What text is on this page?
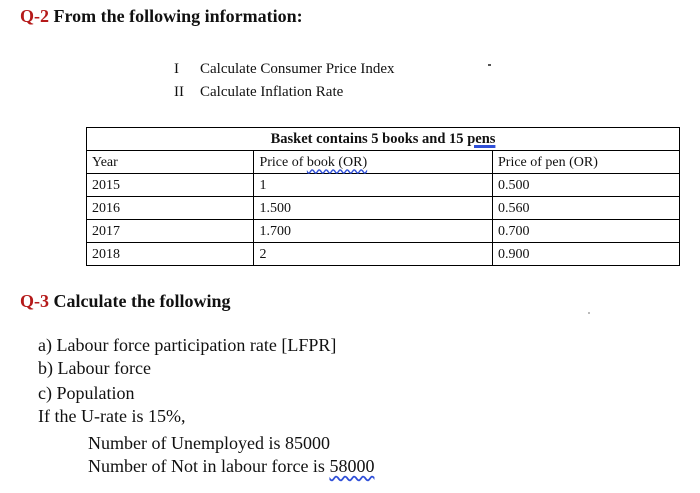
Q-2 From the following information:
I Calculate Consumer Price Index
II Calculate Inflation Rate
Basket contains 5 books and 15 pens		
Year	Price of book (OR)	Price of pen (OR)
2015	1	0.500
2016	1.500	0.560
2017	1.700	0.700
2018	2	0.900
Q-3 Calculate the following
a) Labour force participation rate [LFPR]
b) Labour force
c) Population
If the U-rate is 15%,
Number of Unemployed is 85000
Number of Not in labour force is 58000
